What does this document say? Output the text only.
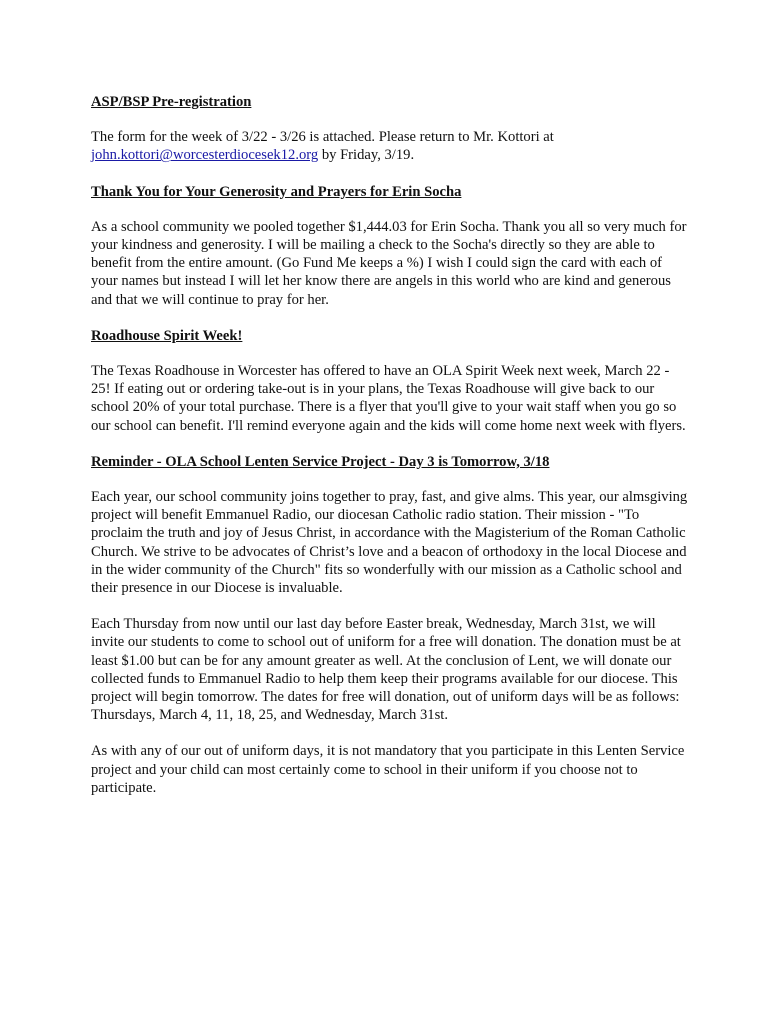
ASP/BSP Pre-registration
The form for the week of 3/22 - 3/26 is attached. Please return to Mr. Kottori at john.kottori@worcesterdiocesek12.org by Friday, 3/19.
Thank You for Your Generosity and Prayers for Erin Socha
As a school community we pooled together $1,444.03 for Erin Socha. Thank you all so very much for your kindness and generosity. I will be mailing a check to the Socha's directly so they are able to benefit from the entire amount. (Go Fund Me keeps a %) I wish I could sign the card with each of your names but instead I will let her know there are angels in this world who are kind and generous and that we will continue to pray for her.
Roadhouse Spirit Week!
The Texas Roadhouse in Worcester has offered to have an OLA Spirit Week next week, March 22 - 25! If eating out or ordering take-out is in your plans, the Texas Roadhouse will give back to our school 20% of your total purchase. There is a flyer that you'll give to your wait staff when you go so our school can benefit. I'll remind everyone again and the kids will come home next week with flyers.
Reminder - OLA School Lenten Service Project - Day 3 is Tomorrow, 3/18
Each year, our school community joins together to pray, fast, and give alms. This year, our almsgiving project will benefit Emmanuel Radio, our diocesan Catholic radio station. Their mission - "To proclaim the truth and joy of Jesus Christ, in accordance with the Magisterium of the Roman Catholic Church. We strive to be advocates of Christ’s love and a beacon of orthodoxy in the local Diocese and in the wider community of the Church" fits so wonderfully with our mission as a Catholic school and their presence in our Diocese is invaluable.
Each Thursday from now until our last day before Easter break, Wednesday, March 31st, we will invite our students to come to school out of uniform for a free will donation. The donation must be at least $1.00 but can be for any amount greater as well. At the conclusion of Lent, we will donate our collected funds to Emmanuel Radio to help them keep their programs available for our diocese. This project will begin tomorrow. The dates for free will donation, out of uniform days will be as follows: Thursdays, March 4, 11, 18, 25, and Wednesday, March 31st.
As with any of our out of uniform days, it is not mandatory that you participate in this Lenten Service project and your child can most certainly come to school in their uniform if you choose not to participate.
